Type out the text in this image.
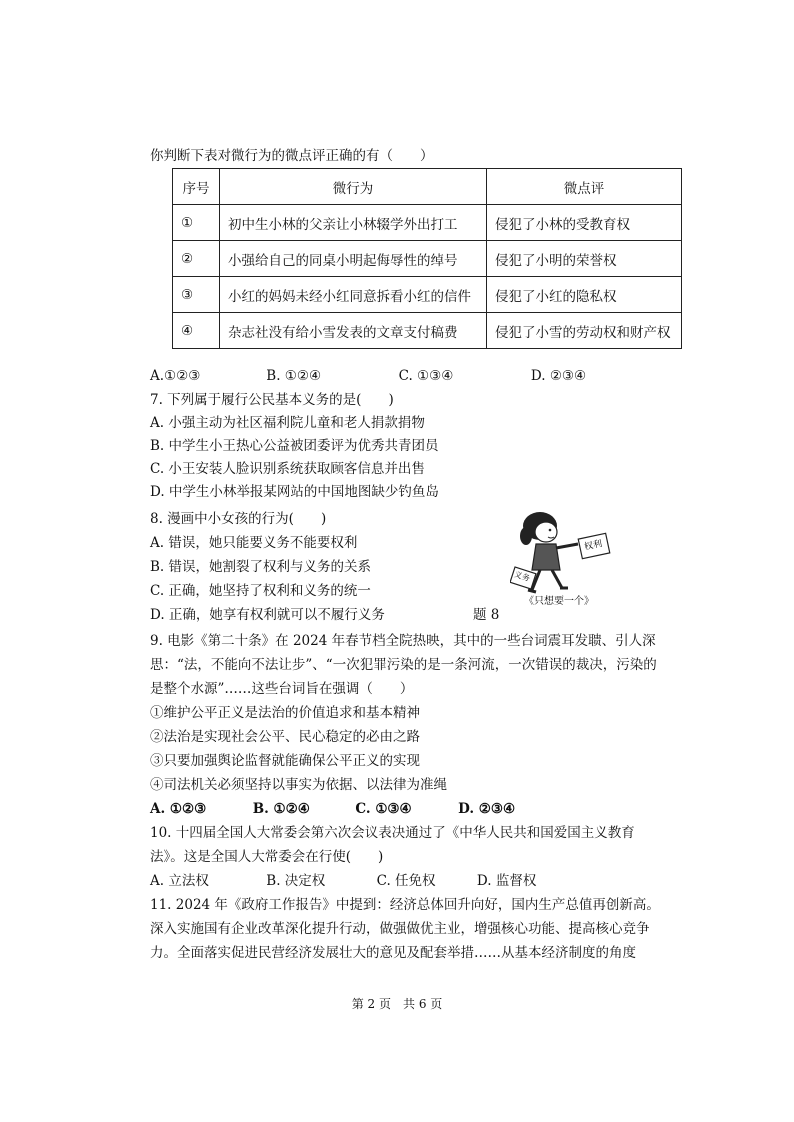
你判断下表对微行为的微点评正确的有（　　）
序号	微行为	微点评
①	初中生小林的父亲让小林辍学外出打工	侵犯了小林的受教育权
②	小强给自己的同桌小明起侮辱性的绰号	侵犯了小明的荣誉权
③	小红的妈妈未经小红同意拆看小红的信件	侵犯了小红的隐私权
④	杂志社没有给小雪发表的文章支付稿费	侵犯了小雪的劳动权和财产权
A.①②③	B. ①②④	C. ①③④	D. ②③④
7. 下列属于履行公民基本义务的是(　　)
A. 小强主动为社区福利院儿童和老人捐款捐物
B. 中学生小王热心公益被团委评为优秀共青团员
C. 小王安装人脸识别系统获取顾客信息并出售
D. 中学生小林举报某网站的中国地图缺少钓鱼岛
8. 漫画中小女孩的行为(　　)
A. 错误，她只能要义务不能要权利
B. 错误，她割裂了权利与义务的关系
C. 正确，她坚持了权利和义务的统一
D. 正确，她享有权利就可以不履行义务	题 8
权利
义务
《只想要一个》
9. 电影《第二十条》在 2024 年春节档全院热映，其中的一些台词震耳发聩、引人深
思：“法，不能向不法让步”、“一次犯罪污染的是一条河流，一次错误的裁决，污染的
是整个水源”……这些台词旨在强调（　　）
①维护公平正义是法治的价值追求和基本精神
②法治是实现社会公平、民心稳定的必由之路
③只要加强舆论监督就能确保公平正义的实现
④司法机关必须坚持以事实为依据、以法律为准绳
A. ①②③	B. ①②④	C. ①③④	D. ②③④
10. 十四届全国人大常委会第六次会议表决通过了《中华人民共和国爱国主义教育
法》。这是全国人大常委会在行使(　　)
A. 立法权	B. 决定权	C. 任免权	D. 监督权
11. 2024 年《政府工作报告》中提到：经济总体回升向好，国内生产总值再创新高。
深入实施国有企业改革深化提升行动，做强做优主业，增强核心功能、提高核心竞争
力。全面落实促进民营经济发展壮大的意见及配套举措……从基本经济制度的角度
第 2 页　共 6 页
